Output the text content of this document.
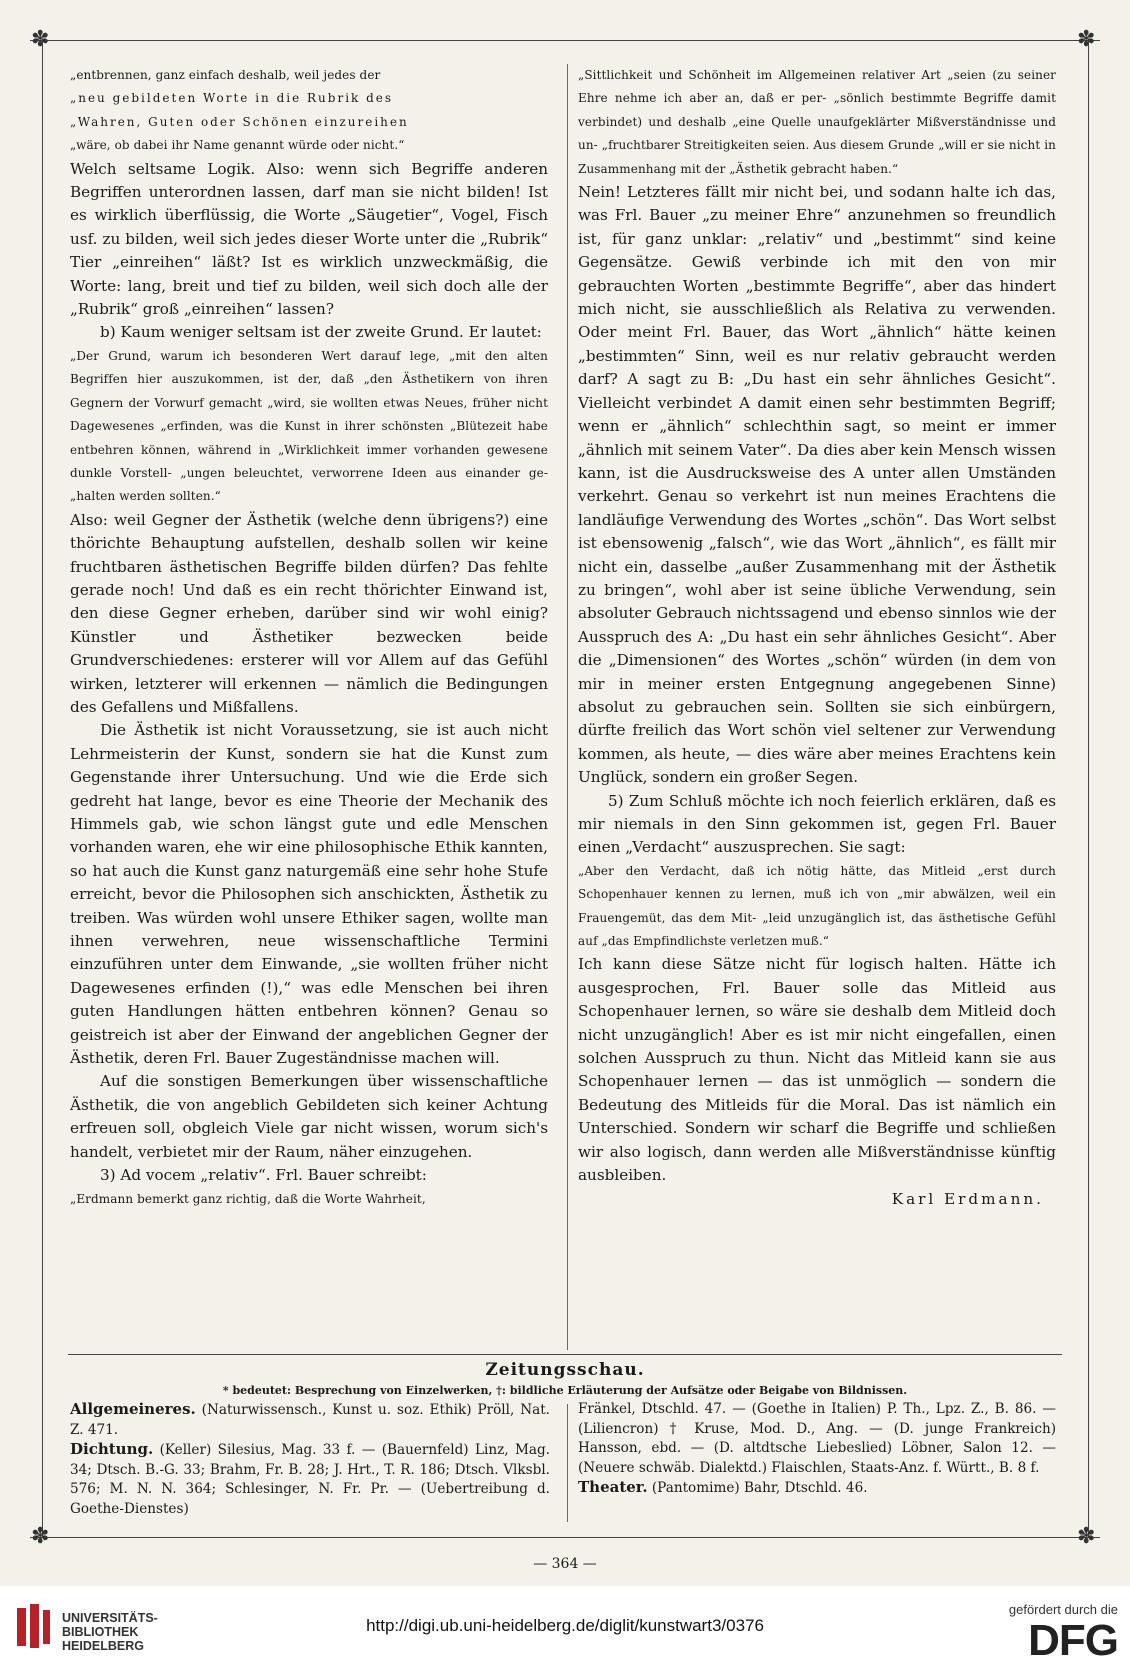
✽	✽
✽	✽

„entbrennen, ganz einfach deshalb, weil jedes der

„neu gebildeten Worte in die Rubrik des

„Wahren, Guten oder Schönen einzureihen

„wäre, ob dabei ihr Name genannt würde oder nicht.“

Welch seltsame Logik. Also: wenn sich Begriffe anderen Begriffen unterordnen lassen, darf man sie nicht bilden! Ist es wirklich überflüssig, die Worte „Säugetier“, Vogel, Fisch usf. zu bilden, weil sich jedes dieser Worte unter die „Rubrik“ Tier „einreihen“ läßt? Ist es wirklich unzweckmäßig, die Worte: lang, breit und tief zu bilden, weil sich doch alle der „Rubrik“ groß „einreihen“ lassen?

b) Kaum weniger seltsam ist der zweite Grund. Er lautet:

„Der Grund, warum ich besonderen Wert darauf lege, „mit den alten Begriffen hier auszukommen, ist der, daß „den Ästhetikern von ihren Gegnern der Vorwurf gemacht „wird, sie wollten etwas Neues, früher nicht Dagewesenes „erfinden, was die Kunst in ihrer schönsten „Blütezeit habe entbehren können, während in „Wirklichkeit immer vorhanden gewesene dunkle Vorstell- „ungen beleuchtet, verworrene Ideen aus einander ge- „halten werden sollten.“

Also: weil Gegner der Ästhetik (welche denn übrigens?) eine thörichte Behauptung aufstellen, deshalb sollen wir keine fruchtbaren ästhetischen Begriffe bilden dürfen? Das fehlte gerade noch! Und daß es ein recht thörichter Einwand ist, den diese Gegner erheben, darüber sind wir wohl einig? Künstler und Ästhetiker bezwecken beide Grundverschiedenes: ersterer will vor Allem auf das Gefühl wirken, letzterer will erkennen — nämlich die Bedingungen des Gefallens und Mißfallens.

Die Ästhetik ist nicht Voraussetzung, sie ist auch nicht Lehrmeisterin der Kunst, sondern sie hat die Kunst zum Gegenstande ihrer Untersuchung. Und wie die Erde sich gedreht hat lange, bevor es eine Theorie der Mechanik des Himmels gab, wie schon längst gute und edle Menschen vorhanden waren, ehe wir eine philosophische Ethik kannten, so hat auch die Kunst ganz naturgemäß eine sehr hohe Stufe erreicht, bevor die Philosophen sich anschickten, Ästhetik zu treiben. Was würden wohl unsere Ethiker sagen, wollte man ihnen verwehren, neue wissenschaftliche Termini einzuführen unter dem Einwande, „sie wollten früher nicht Dagewesenes erfinden (!),“ was edle Menschen bei ihren guten Handlungen hätten entbehren können? Genau so geistreich ist aber der Einwand der angeblichen Gegner der Ästhetik, deren Frl. Bauer Zugeständnisse machen will.

Auf die sonstigen Bemerkungen über wissenschaftliche Ästhetik, die von angeblich Gebildeten sich keiner Achtung erfreuen soll, obgleich Viele gar nicht wissen, worum sich's handelt, verbietet mir der Raum, näher einzugehen.

3) Ad vocem „relativ“. Frl. Bauer schreibt:

„Erdmann bemerkt ganz richtig, daß die Worte Wahrheit,

„Sittlichkeit und Schönheit im Allgemeinen relativer Art „seien (zu seiner Ehre nehme ich aber an, daß er per- „sönlich bestimmte Begriffe damit verbindet) und deshalb „eine Quelle unaufgeklärter Mißverständnisse und un- „fruchtbarer Streitigkeiten seien. Aus diesem Grunde „will er sie nicht in Zusammenhang mit der „Ästhetik gebracht haben.“

Nein! Letzteres fällt mir nicht bei, und sodann halte ich das, was Frl. Bauer „zu meiner Ehre“ anzunehmen so freundlich ist, für ganz unklar: „relativ“ und „bestimmt“ sind keine Gegensätze. Gewiß verbinde ich mit den von mir gebrauchten Worten „bestimmte Begriffe“, aber das hindert mich nicht, sie ausschließlich als Relativa zu verwenden. Oder meint Frl. Bauer, das Wort „ähnlich“ hätte keinen „bestimmten“ Sinn, weil es nur relativ gebraucht werden darf? A sagt zu B: „Du hast ein sehr ähnliches Gesicht“. Vielleicht verbindet A damit einen sehr bestimmten Begriff; wenn er „ähnlich“ schlechthin sagt, so meint er immer „ähnlich mit seinem Vater“. Da dies aber kein Mensch wissen kann, ist die Ausdrucksweise des A unter allen Umständen verkehrt. Genau so verkehrt ist nun meines Erachtens die landläufige Verwendung des Wortes „schön“. Das Wort selbst ist ebensowenig „falsch“, wie das Wort „ähnlich“, es fällt mir nicht ein, dasselbe „außer Zusammenhang mit der Ästhetik zu bringen“, wohl aber ist seine übliche Verwendung, sein absoluter Gebrauch nichtssagend und ebenso sinnlos wie der Ausspruch des A: „Du hast ein sehr ähnliches Gesicht“. Aber die „Dimensionen“ des Wortes „schön“ würden (in dem von mir in meiner ersten Entgegnung angegebenen Sinne) absolut zu gebrauchen sein. Sollten sie sich einbürgern, dürfte freilich das Wort schön viel seltener zur Verwendung kommen, als heute, — dies wäre aber meines Erachtens kein Unglück, sondern ein großer Segen.

5) Zum Schluß möchte ich noch feierlich erklären, daß es mir niemals in den Sinn gekommen ist, gegen Frl. Bauer einen „Verdacht“ auszusprechen. Sie sagt:

„Aber den Verdacht, daß ich nötig hätte, das Mitleid „erst durch Schopenhauer kennen zu lernen, muß ich von „mir abwälzen, weil ein Frauengemüt, das dem Mit- „leid unzugänglich ist, das ästhetische Gefühl auf „das Empfindlichste verletzen muß.“

Ich kann diese Sätze nicht für logisch halten. Hätte ich ausgesprochen, Frl. Bauer solle das Mitleid aus Schopenhauer lernen, so wäre sie deshalb dem Mitleid doch nicht unzugänglich! Aber es ist mir nicht eingefallen, einen solchen Ausspruch zu thun. Nicht das Mitleid kann sie aus Schopenhauer lernen — das ist unmöglich — sondern die Bedeutung des Mitleids für die Moral. Das ist nämlich ein Unterschied. Sondern wir scharf die Begriffe und schließen wir also logisch, dann werden alle Mißverständnisse künftig ausbleiben.

Karl Erdmann.

Zeitungsschau.
* bedeutet: Besprechung von Einzelwerken, †: bildliche Erläuterung der Aufsätze oder Beigabe von Bildnissen.

Allgemeineres. (Naturwissensch., Kunst u. soz. Ethik) Pröll, Nat. Z. 471.

Dichtung. (Keller) Silesius, Mag. 33 f. — (Bauernfeld) Linz, Mag. 34; Dtsch. B.-G. 33; Brahm, Fr. B. 28; J. Hrt., T. R. 186; Dtsch. Vlksbl. 576; M. N. N. 364; Schlesinger, N. Fr. Pr. — (Uebertreibung d. Goethe-Dienstes)

Fränkel, Dtschld. 47. — (Goethe in Italien) P. Th., Lpz. Z., B. 86. — (Liliencron) † Kruse, Mod. D., Ang. — (D. junge Frankreich) Hansson, ebd. — (D. altdtsche Liebeslied) Löbner, Salon 12. — (Neuere schwäb. Dialektd.) Flaischlen, Staats-Anz. f. Württ., B. 8 f.

Theater. (Pantomime) Bahr, Dtschld. 46.

— 364 —
UNIVERSITÄTS-
BIBLIOTHEK
HEIDELBERG
http://digi.ub.uni-heidelberg.de/diglit/kunstwart3/0376
gefördert durch die
DFG
